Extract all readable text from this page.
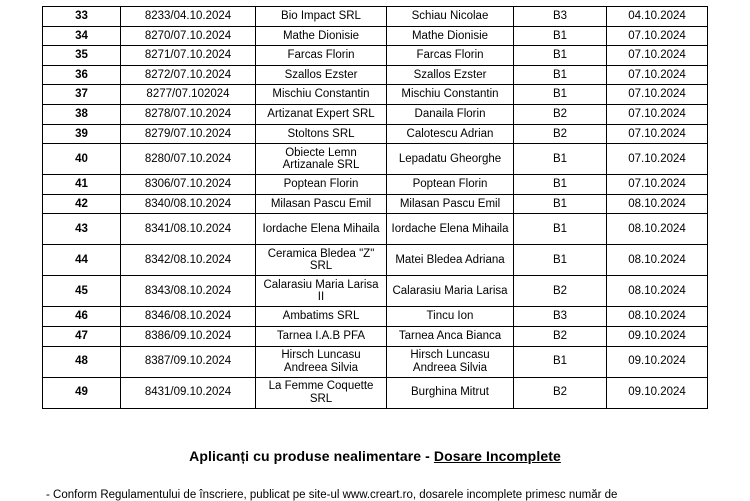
33	8233/04.10.2024	Bio Impact SRL	Schiau Nicolae	B3	04.10.2024
34	8270/07.10.2024	Mathe Dionisie	Mathe Dionisie	B1	07.10.2024
35	8271/07.10.2024	Farcas Florin	Farcas Florin	B1	07.10.2024
36	8272/07.10.2024	Szallos Ezster	Szallos Ezster	B1	07.10.2024
37	8277/07.102024	Mischiu Constantin	Mischiu Constantin	B1	07.10.2024
38	8278/07.10.2024	Artizanat Expert SRL	Danaila Florin	B2	07.10.2024
39	8279/07.10.2024	Stoltons SRL	Calotescu Adrian	B2	07.10.2024
40	8280/07.10.2024	Obiecte Lemn Artizanale SRL	Lepadatu Gheorghe	B1	07.10.2024
41	8306/07.10.2024	Poptean Florin	Poptean Florin	B1	07.10.2024
42	8340/08.10.2024	Milasan Pascu Emil	Milasan Pascu Emil	B1	08.10.2024
43	8341/08.10.2024	Iordache Elena Mihaila	Iordache Elena Mihaila	B1	08.10.2024
44	8342/08.10.2024	Ceramica Bledea "Z" SRL	Matei Bledea Adriana	B1	08.10.2024
45	8343/08.10.2024	Calarasiu Maria Larisa II	Calarasiu Maria Larisa	B2	08.10.2024
46	8346/08.10.2024	Ambatims SRL	Tincu Ion	B3	08.10.2024
47	8386/09.10.2024	Tarnea I.A.B PFA	Tarnea Anca Bianca	B2	09.10.2024
48	8387/09.10.2024	Hirsch Luncasu Andreea Silvia	Hirsch Luncasu Andreea Silvia	B1	09.10.2024
49	8431/09.10.2024	La Femme Coquette SRL	Burghina Mitrut	B2	09.10.2024
Aplicanți cu produse nealimentare - Dosare Incomplete
- Conform Regulamentului de înscriere, publicat pe site-ul www.creart.ro, dosarele incomplete primesc număr de
